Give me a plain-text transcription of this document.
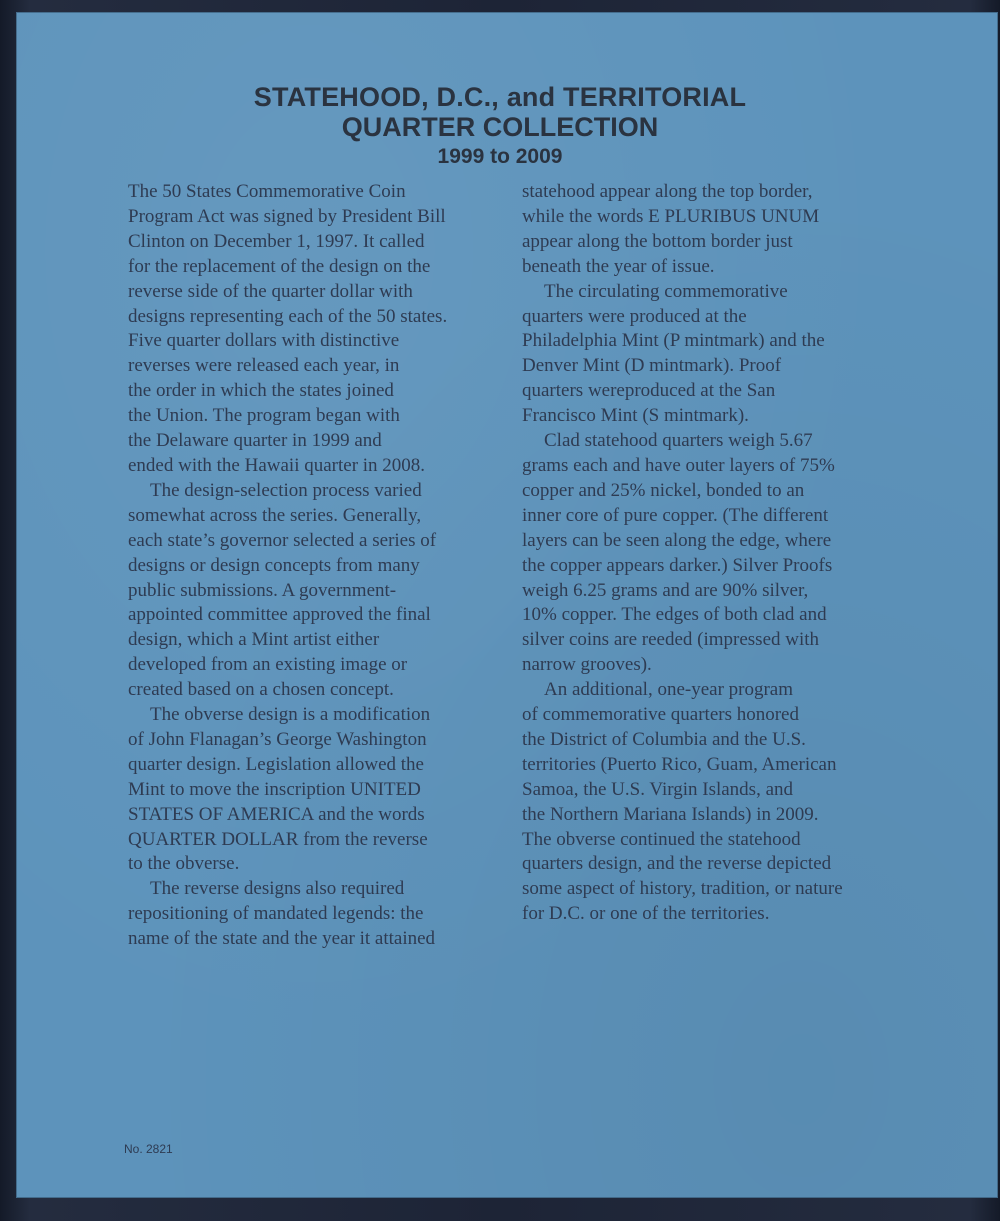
STATEHOOD, D.C., and TERRITORIAL
QUARTER COLLECTION
1999 to 2009
The 50 States Commemorative Coin
Program Act was signed by President Bill
Clinton on December 1, 1997. It called
for the replacement of the design on the
reverse side of the quarter dollar with
designs representing each of the 50 states.
Five quarter dollars with distinctive
reverses were released each year, in
the order in which the states joined
the Union. The program began with
the Delaware quarter in 1999 and
ended with the Hawaii quarter in 2008.
The design-selection process varied
somewhat across the series. Generally,
each state’s governor selected a series of
designs or design concepts from many
public submissions. A government-
appointed committee approved the final
design, which a Mint artist either
developed from an existing image or
created based on a chosen concept.
The obverse design is a modification
of John Flanagan’s George Washington
quarter design. Legislation allowed the
Mint to move the inscription UNITED
STATES OF AMERICA and the words
QUARTER DOLLAR from the reverse
to the obverse.
The reverse designs also required
repositioning of mandated legends: the
name of the state and the year it attained
statehood appear along the top border,
while the words E PLURIBUS UNUM
appear along the bottom border just
beneath the year of issue.
The circulating commemorative
quarters were produced at the
Philadelphia Mint (P mintmark) and the
Denver Mint (D mintmark). Proof
quarters wereproduced at the San
Francisco Mint (S mintmark).
Clad statehood quarters weigh 5.67
grams each and have outer layers of 75%
copper and 25% nickel, bonded to an
inner core of pure copper. (The different
layers can be seen along the edge, where
the copper appears darker.) Silver Proofs
weigh 6.25 grams and are 90% silver,
10% copper. The edges of both clad and
silver coins are reeded (impressed with
narrow grooves).
An additional, one-year program
of commemorative quarters honored
the District of Columbia and the U.S.
territories (Puerto Rico, Guam, American
Samoa, the U.S. Virgin Islands, and
the Northern Mariana Islands) in 2009.
The obverse continued the statehood
quarters design, and the reverse depicted
some aspect of history, tradition, or nature
for D.C. or one of the territories.
No. 2821
